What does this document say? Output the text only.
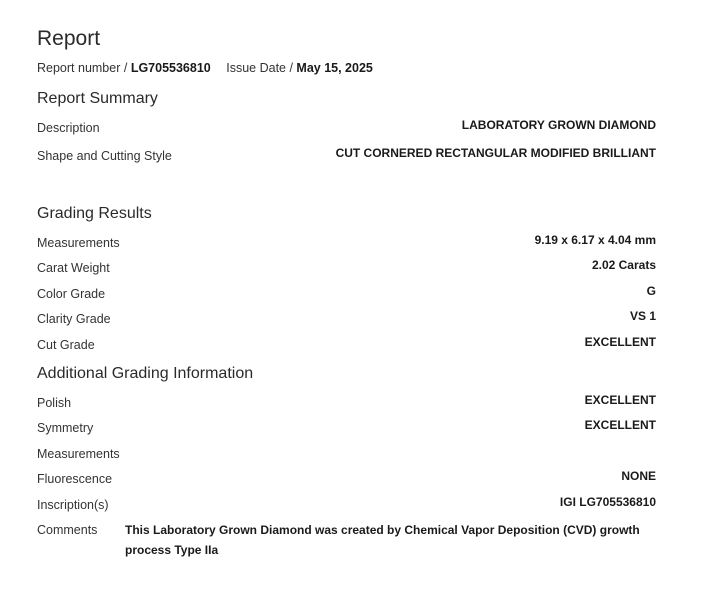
Report
Report number / LG705536810 Issue Date / May 15, 2025
Report Summary
Description	LABORATORY GROWN DIAMOND
Shape and Cutting Style	CUT CORNERED RECTANGULAR MODIFIED BRILLIANT
Grading Results
Measurements	9.19 x 6.17 x 4.04 mm
Carat Weight	2.02 Carats
Color Grade	G
Clarity Grade	VS 1
Cut Grade	EXCELLENT
Additional Grading Information
Polish	EXCELLENT
Symmetry	EXCELLENT
Measurements
Fluorescence	NONE
Inscription(s)	IGI LG705536810
Comments This Laboratory Grown Diamond was created by Chemical Vapor Deposition (CVD) growth process Type IIa
